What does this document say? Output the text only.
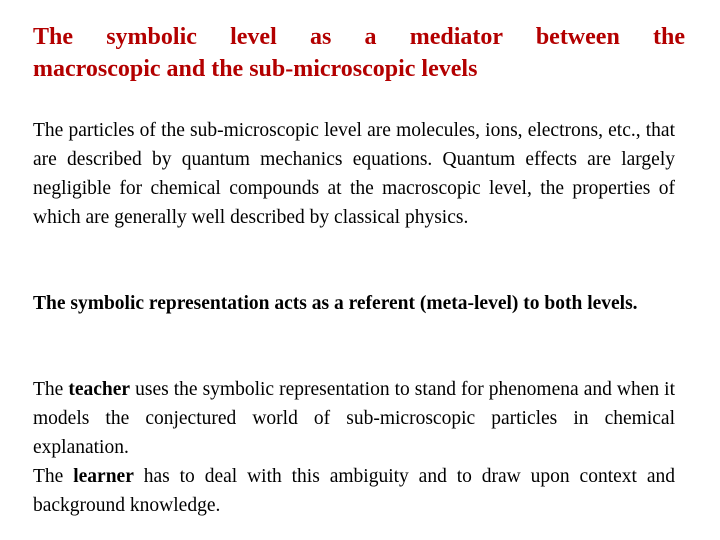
The symbolic level as a mediator between the
macroscopic and the sub-microscopic levels

The particles of the sub-microscopic level are molecules, ions, electrons, etc., that are described by quantum mechanics equations. Quantum effects are largely negligible for chemical compounds at the macroscopic level, the properties of which are generally well described by classical physics.

The symbolic representation acts as a referent (meta-level) to both levels.

The teacher uses the symbolic representation to stand for phenomena and when it models the conjectured world of sub-microscopic particles in chemical explanation.
The learner has to deal with this ambiguity and to draw upon context and background knowledge.
